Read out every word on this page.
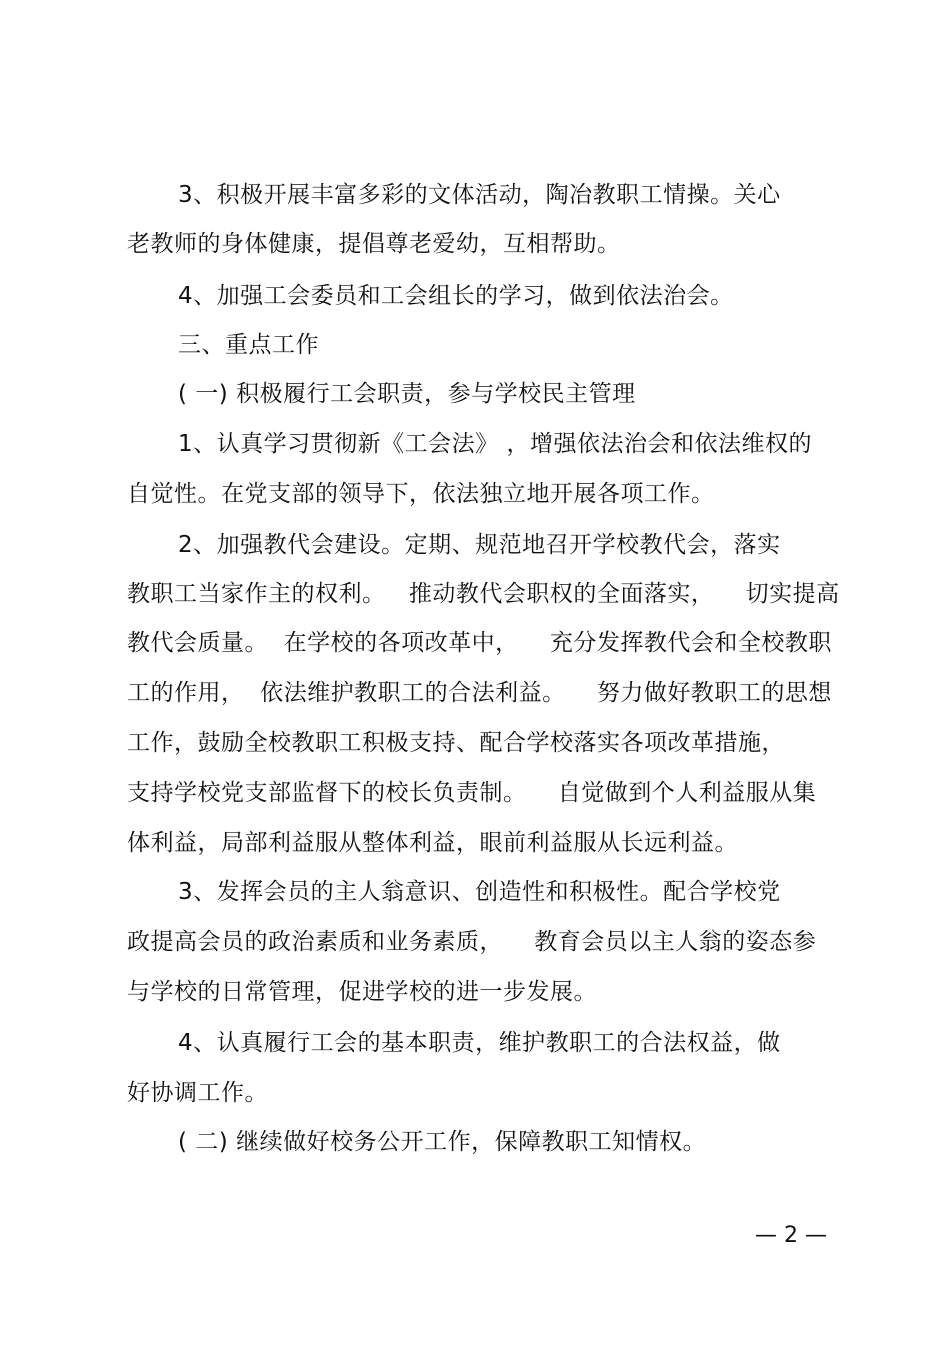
3、积极开展丰富多彩的文体活动，陶冶教职工情操。关心
老教师的身体健康，提倡尊老爱幼，互相帮助。
4、加强工会委员和工会组长的学习，做到依法治会。
三、重点工作
( 一) 积极履行工会职责，参与学校民主管理
1、认真学习贯彻新《工会法》 ，增强依法治会和依法维权的
自觉性。在党支部的领导下，依法独立地开展各项工作。
2、加强教代会建设。定期、规范地召开学校教代会，落实
教职工当家作主的权利。   推动教代会职权的全面落实，    切实提高
教代会质量。  在学校的各项改革中，    充分发挥教代会和全校教职
工的作用，  依法维护教职工的合法利益。    努力做好教职工的思想
工作，鼓励全校教职工积极支持、配合学校落实各项改革措施，
支持学校党支部监督下的校长负责制。    自觉做到个人利益服从集
体利益，局部利益服从整体利益，眼前利益服从长远利益。
3、发挥会员的主人翁意识、创造性和积极性。配合学校党
政提高会员的政治素质和业务素质，    教育会员以主人翁的姿态参
与学校的日常管理，促进学校的进一步发展。
4、认真履行工会的基本职责，维护教职工的合法权益，做
好协调工作。
( 二) 继续做好校务公开工作，保障教职工知情权。
— 2 —
